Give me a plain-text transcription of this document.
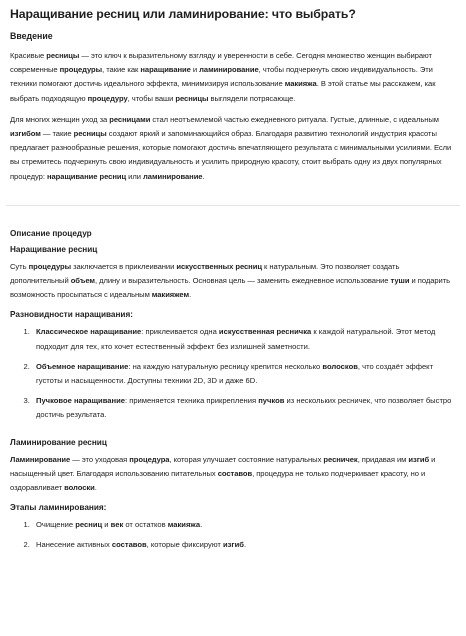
Наращивание ресниц или ламинирование: что выбрать?
Введение

Красивые ресницы — это ключ к выразительному взгляду и уверенности в себе. Сегодня множество женщин выбирают современные процедуры, такие как наращивание и ламинирование, чтобы подчеркнуть свою индивидуальность. Эти техники помогают достичь идеального эффекта, минимизируя использование макияжа. В этой статье мы расскажем, как выбрать подходящую процедуру, чтобы ваши ресницы выглядели потрясающе.

Для многих женщин уход за ресницами стал неотъемлемой частью ежедневного ритуала. Густые, длинные, с идеальным изгибом — такие ресницы создают яркий и запоминающийся образ. Благодаря развитию технологий индустрия красоты предлагает разнообразные решения, которые помогают достичь впечатляющего результата с минимальными усилиями. Если вы стремитесь подчеркнуть свою индивидуальность и усилить природную красоту, стоит выбрать одну из двух популярных процедур: наращивание ресниц или ламинирование.

Описание процедур
Наращивание ресниц

Суть процедуры заключается в приклеивании искусственных ресниц к натуральным. Это позволяет создать дополнительный объем, длину и выразительность. Основная цель — заменить ежедневное использование туши и подарить возможность просыпаться с идеальным макияжем.

Разновидности наращивания:
1. Классическое наращивание: приклеивается одна искусственная ресничка к каждой натуральной. Этот метод подходит для тех, кто хочет естественный эффект без излишней заметности.
2. Объемное наращивание: на каждую натуральную ресницу крепится несколько волосков, что создаёт эффект густоты и насыщенности. Доступны техники 2D, 3D и даже 6D.
3. Пучковое наращивание: применяется техника прикрепления пучков из нескольких ресничек, что позволяет быстро достичь результата.
Ламинирование ресниц

Ламинирование — это уходовая процедура, которая улучшает состояние натуральных ресничек, придавая им изгиб и насыщенный цвет. Благодаря использованию питательных составов, процедура не только подчеркивает красоту, но и оздоравливает волоски.

Этапы ламинирования:
1. Очищение ресниц и век от остатков макияжа.
2. Нанесение активных составов, которые фиксируют изгиб.
